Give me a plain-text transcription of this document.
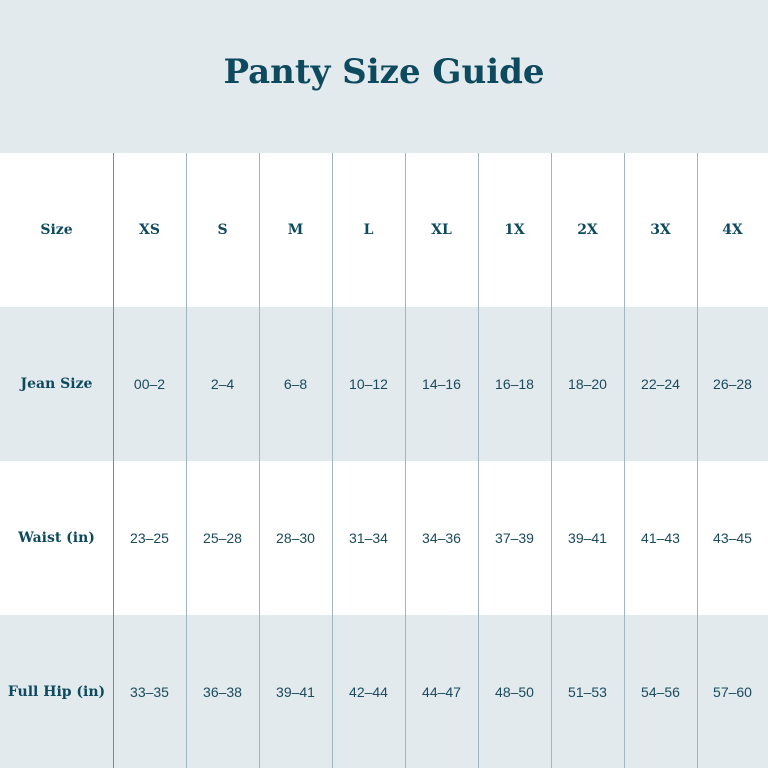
Panty Size Guide
Size	XS	S	M	L	XL	1X	2X	3X	4X
Jean Size	00–2	2–4	6–8	10–12	14–16	16–18	18–20	22–24	26–28
Waist (in)	23–25	25–28	28–30	31–34	34–36	37–39	39–41	41–43	43–45
Full Hip (in)	33–35	36–38	39–41	42–44	44–47	48–50	51–53	54–56	57–60
